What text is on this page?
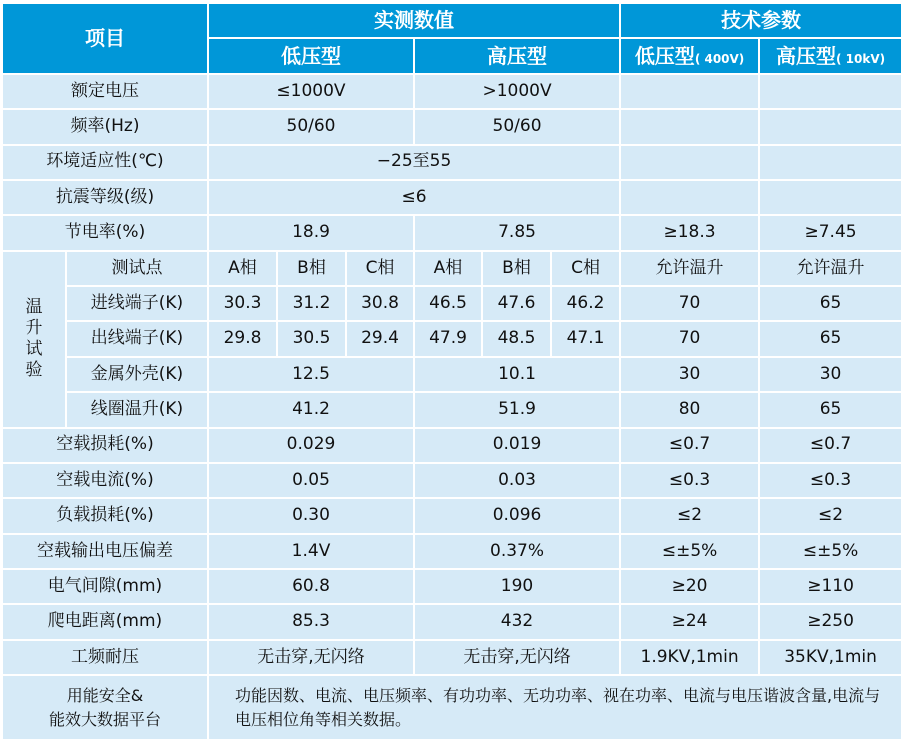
项目		实测数值						技术参数	
		低压型			高压型			低压型( 400V)	高压型( 10kV)
额定电压		≤1000V			>1000V				
频率(Hz)		50/60			50/60				
环境适应性(℃)		−25至55							
抗震等级(级)		≤6							
节电率(%)		18.9			7.85			≥18.3	≥7.45
温升试验	测试点	A相	B相	C相	A相	B相	C相	允许温升	允许温升
	进线端子(K)	30.3	31.2	30.8	46.5	47.6	46.2	70	65
	出线端子(K)	29.8	30.5	29.4	47.9	48.5	47.1	70	65
	金属外壳(K)	12.5			10.1			30	30
	线圈温升(K)	41.2			51.9			80	65
空载损耗(%)		0.029			0.019			≤0.7	≤0.7
空载电流(%)		0.05			0.03			≤0.3	≤0.3
负载损耗(%)		0.30			0.096			≤2	≤2
空载输出电压偏差		1.4V			0.37%			≤±5%	≤±5%
电气间隙(mm)		60.8			190			≥20	≥110
爬电距离(mm)		85.3			432			≥24	≥250
工频耐压		无击穿,无闪络			无击穿,无闪络			1.9KV,1min	35KV,1min

用能安全&
能效大数据平台		功能因数、电流、电压频率、有功功率、无功功率、视在功率、电流与电压谐波含量,电流与电压相位角等相关数据。							
